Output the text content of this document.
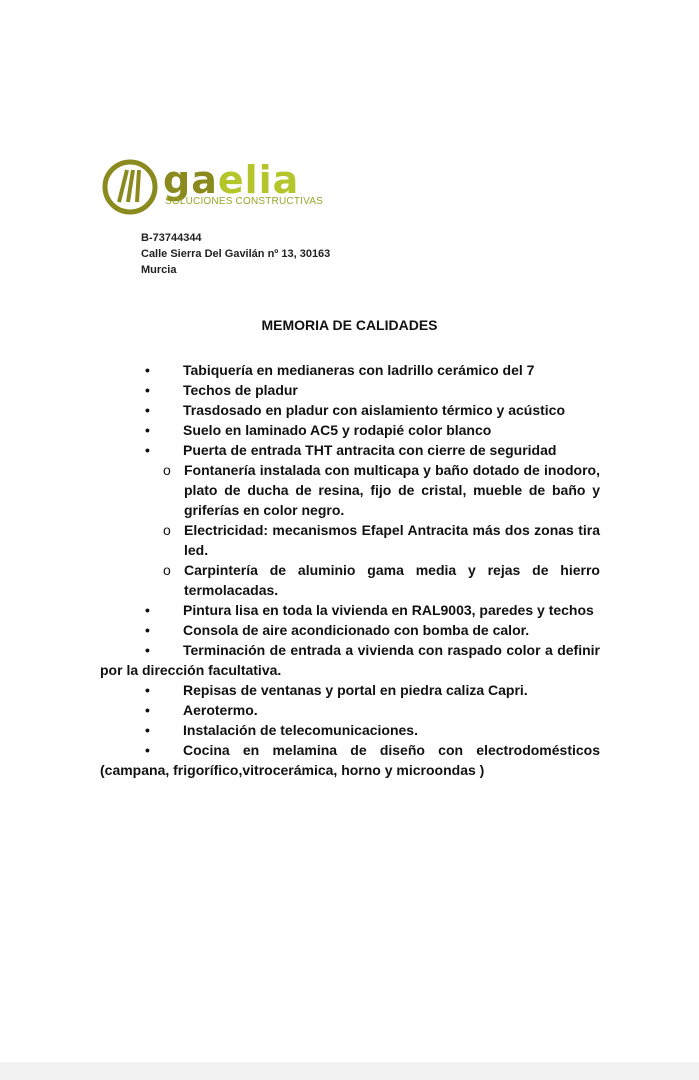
gaelia
SOLUCIONES CONSTRUCTIVAS
B-73744344
Calle Sierra Del Gavilán nº 13, 30163
Murcia
MEMORIA DE CALIDADES
• Tabiquería en medianeras con ladrillo cerámico del 7
• Techos de pladur
• Trasdosado en pladur con aislamiento térmico y acústico
• Suelo en laminado AC5 y rodapié color blanco
• Puerta de entrada THT antracita con cierre de seguridad
o Fontanería instalada con multicapa y baño dotado de inodoro, plato de ducha de resina, fijo de cristal, mueble de baño y griferías en color negro.
o Electricidad: mecanismos Efapel Antracita más dos zonas tira led.
o Carpintería de aluminio gama media y rejas de hierro termolacadas.
• Pintura lisa en toda la vivienda en RAL9003, paredes y techos
• Consola de aire acondicionado con bomba de calor.
• Terminación de entrada a vivienda con raspado color a definir por la dirección facultativa.
• Repisas de ventanas y portal en piedra caliza Capri.
• Aerotermo.
• Instalación de telecomunicaciones.
• Cocina en melamina de diseño con electrodomésticos (campana, frigorífico,vitrocerámica, horno y microondas )
